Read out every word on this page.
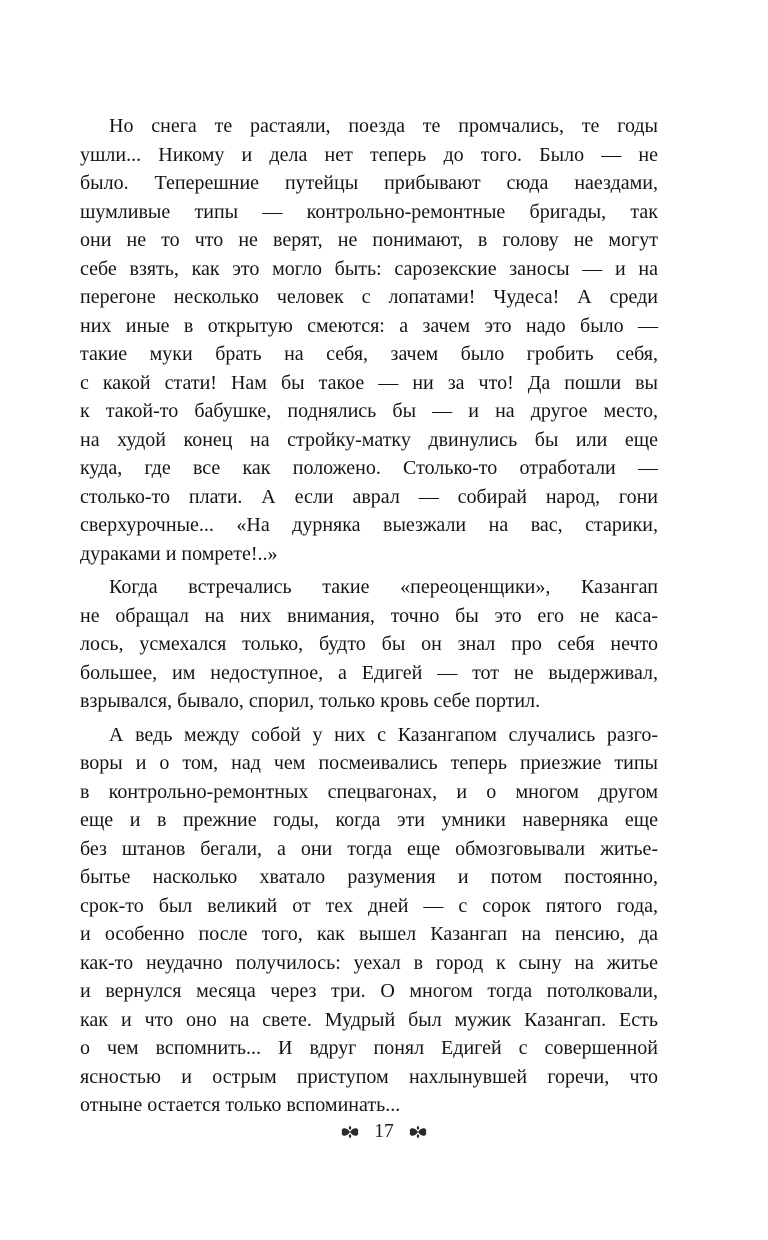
Но снега те растаяли, поезда те промчались, те годы
ушли... Никому и дела нет теперь до того. Было — не
было. Теперешние путейцы прибывают сюда наездами,
шумливые типы — контрольно-ремонтные бригады, так
они не то что не верят, не понимают, в голову не могут
себе взять, как это могло быть: сарозекские заносы — и на
перегоне несколько человек с лопатами! Чудеса! А среди
них иные в открытую смеются: а зачем это надо было —
такие муки брать на себя, зачем было гробить себя,
с какой стати! Нам бы такое — ни за что! Да пошли вы
к такой-то бабушке, поднялись бы — и на другое место,
на худой конец на стройку-матку двинулись бы или еще
куда, где все как положено. Столько-то отработали —
столько-то плати. А если аврал — собирай народ, гони
сверхурочные... «На дурняка выезжали на вас, старики,
дураками и помрете!..»
Когда встречались такие «переоценщики», Казангап
не обращал на них внимания, точно бы это его не каса-
лось, усмехался только, будто бы он знал про себя нечто
большее, им недоступное, а Едигей — тот не выдерживал,
взрывался, бывало, спорил, только кровь себе портил.
А ведь между собой у них с Казангапом случались разго-
воры и о том, над чем посмеивались теперь приезжие типы
в контрольно-ремонтных спецвагонах, и о многом другом
еще и в прежние годы, когда эти умники наверняка еще
без штанов бегали, а они тогда еще обмозговывали житье-
бытье насколько хватало разумения и потом постоянно,
срок-то был великий от тех дней — с сорок пятого года,
и особенно после того, как вышел Казангап на пенсию, да
как-то неудачно получилось: уехал в город к сыну на житье
и вернулся месяца через три. О многом тогда потолковали,
как и что оно на свете. Мудрый был мужик Казангап. Есть
о чем вспомнить... И вдруг понял Едигей с совершенной
ясностью и острым приступом нахлынувшей горечи, что
отныне остается только вспоминать...
17
